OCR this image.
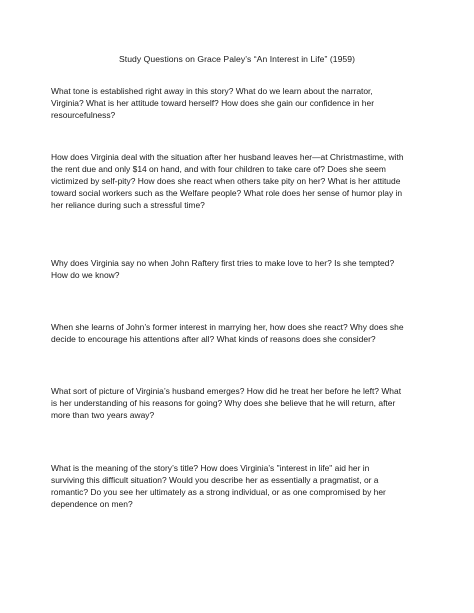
Study Questions on Grace Paley’s “An Interest in Life” (1959)

What tone is established right away in this story? What do we learn about the narrator,
Virginia? What is her attitude toward herself? How does she gain our confidence in her
resourcefulness?

How does Virginia deal with the situation after her husband leaves her—at Christmastime, with
the rent due and only $14 on hand, and with four children to take care of? Does she seem
victimized by self-pity? How does she react when others take pity on her? What is her attitude
toward social workers such as the Welfare people? What role does her sense of humor play in
her reliance during such a stressful time?

Why does Virginia say no when John Raftery first tries to make love to her? Is she tempted?
How do we know?

When she learns of John’s former interest in marrying her, how does she react? Why does she
decide to encourage his attentions after all? What kinds of reasons does she consider?

What sort of picture of Virginia’s husband emerges? How did he treat her before he left? What
is her understanding of his reasons for going? Why does she believe that he will return, after
more than two years away?

What is the meaning of the story’s title? How does Virginia’s "interest in life" aid her in
surviving this difficult situation? Would you describe her as essentially a pragmatist, or a
romantic? Do you see her ultimately as a strong individual, or as one compromised by her
dependence on men?
